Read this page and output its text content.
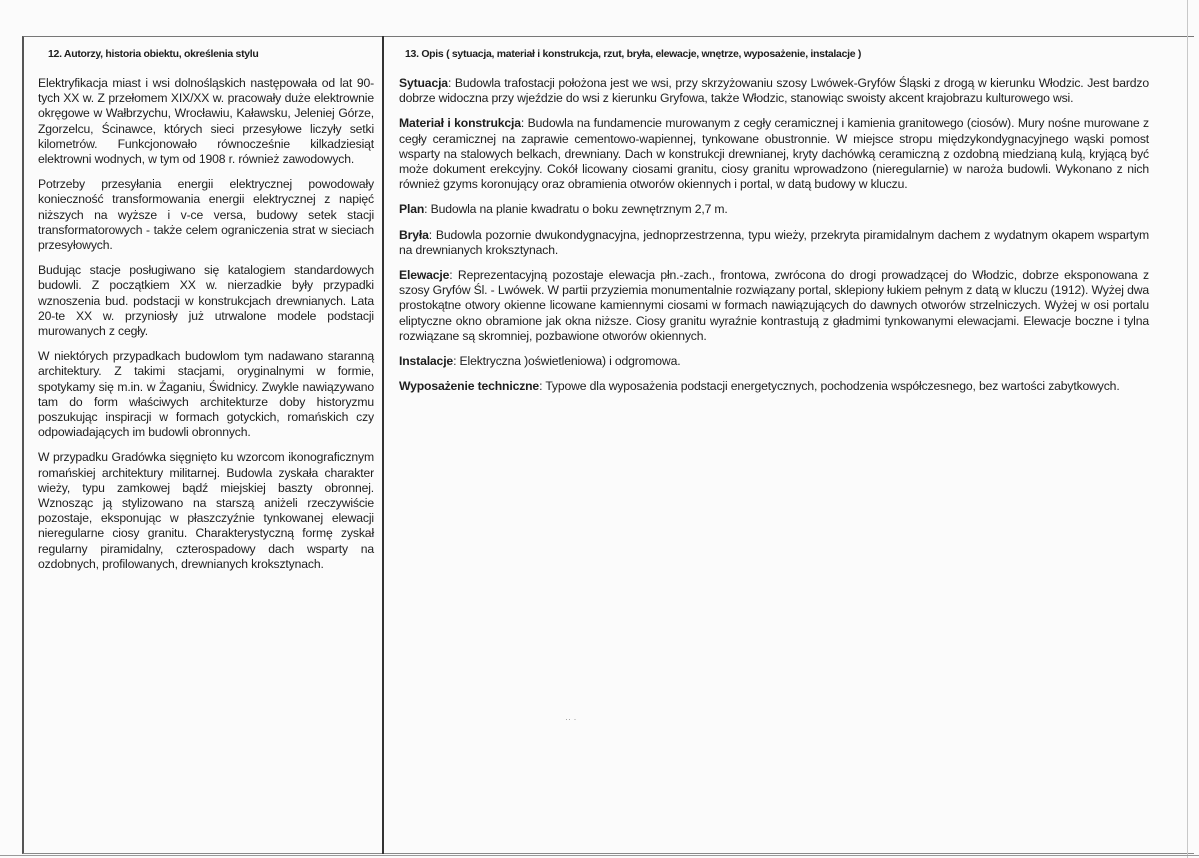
12. Autorzy, historia obiektu, określenia stylu

Elektryfikacja miast i wsi dolnośląskich następowała od lat 90-tych XX w. Z przełomem XIX/XX w. pracowały duże elektrownie okręgowe w Wałbrzychu, Wrocławiu, Kaławsku, Jeleniej Górze, Zgorzelcu, Ścinawce, których sieci przesyłowe liczyły setki kilometrów. Funkcjonowało równocześnie kilkadziesiąt elektrowni wodnych, w tym od 1908 r. również zawodowych.

Potrzeby przesyłania energii elektrycznej powodowały konieczność transformowania energii elektrycznej z napięć niższych na wyższe i v-ce versa, budowy setek stacji transformatorowych - także celem ograniczenia strat w sieciach przesyłowych.

Budując stacje posługiwano się katalogiem standardowych budowli. Z początkiem XX w. nierzadkie były przypadki wznoszenia bud. podstacji w konstrukcjach drewnianych. Lata 20-te XX w. przyniosły już utrwalone modele podstacji murowanych z cegły.

W niektórych przypadkach budowlom tym nadawano staranną architektury. Z takimi stacjami, oryginalnymi w formie, spotykamy się m.in. w Żaganiu, Świdnicy. Zwykle nawiązywano tam do form właściwych architekturze doby historyzmu poszukując inspiracji w formach gotyckich, romańskich czy odpowiadających im budowli obronnych.

W przypadku Gradówka sięgnięto ku wzorcom ikonograficznym romańskiej architektury militarnej. Budowla zyskała charakter wieży, typu zamkowej bądź miejskiej baszty obronnej. Wznosząc ją stylizowano na starszą aniżeli rzeczywiście pozostaje, eksponując w płaszczyźnie tynkowanej elewacji nieregularne ciosy granitu. Charakterystyczną formę zyskał regularny piramidalny, czterospadowy dach wsparty na ozdobnych, profilowanych, drewnianych kroksztynach.

13. Opis ( sytuacja, materiał i konstrukcja, rzut, bryła, elewacje, wnętrze, wyposażenie, instalacje )

Sytuacja: Budowla trafostacji położona jest we wsi, przy skrzyżowaniu szosy Lwówek-Gryfów Śląski z drogą w kierunku Włodzic. Jest bardzo dobrze widoczna przy wjeździe do wsi z kierunku Gryfowa, także Włodzic, stanowiąc swoisty akcent krajobrazu kulturowego wsi.

Materiał i konstrukcja: Budowla na fundamencie murowanym z cegły ceramicznej i kamienia granitowego (ciosów). Mury nośne murowane z cegły ceramicznej na zaprawie cementowo-wapiennej, tynkowane obustronnie. W miejsce stropu międzykondygnacyjnego wąski pomost wsparty na stalowych belkach, drewniany. Dach w konstrukcji drewnianej, kryty dachówką ceramiczną z ozdobną miedzianą kulą, kryjącą być może dokument erekcyjny. Cokół licowany ciosami granitu, ciosy granitu wprowadzono (nieregularnie) w naroża budowli. Wykonano z nich również gzyms koronujący oraz obramienia otworów okiennych i portal, w datą budowy w kluczu.

Plan: Budowla na planie kwadratu o boku zewnętrznym 2,7 m.

Bryła: Budowla pozornie dwukondygnacyjna, jednoprzestrzenna, typu wieży, przekryta piramidalnym dachem z wydatnym okapem wspartym na drewnianych kroksztynach.

Elewacje: Reprezentacyjną pozostaje elewacja płn.-zach., frontowa, zwrócona do drogi prowadzącej do Włodzic, dobrze eksponowana z szosy Gryfów Śl. - Lwówek. W partii przyziemia monumentalnie rozwiązany portal, sklepiony łukiem pełnym z datą w kluczu (1912). Wyżej dwa prostokątne otwory okienne licowane kamiennymi ciosami w formach nawiązujących do dawnych otworów strzelniczych. Wyżej w osi portalu eliptyczne okno obramione jak okna niższe. Ciosy granitu wyraźnie kontrastują z gładmimi tynkowanymi elewacjami. Elewacje boczne i tylna rozwiązane są skromniej, pozbawione otworów okiennych.

Instalacje: Elektryczna )oświetleniowa) i odgromowa.

Wyposażenie techniczne: Typowe dla wyposażenia podstacji energetycznych, pochodzenia współczesnego, bez wartości zabytkowych.

·· ·
